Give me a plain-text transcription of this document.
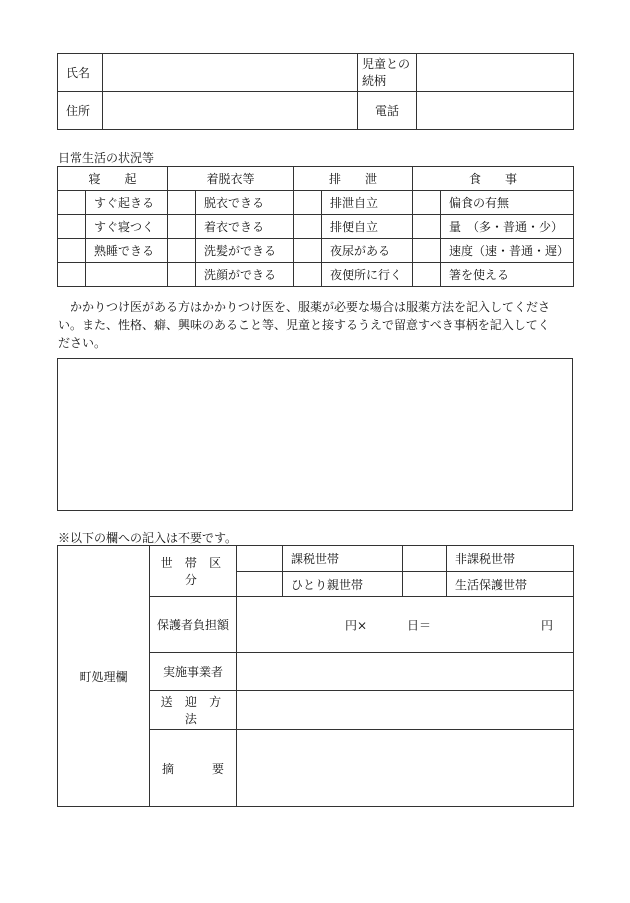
氏名		児童との
続柄	
住所		電話	
日常生活の状況等
寝　　起		着脱衣等		排　　泄		食　　事	
	すぐ起きる		脱衣できる		排泄自立		偏食の有無
	すぐ寝つく		着衣できる		排便自立		量　（多・普通・少）
	熟睡できる		洗髪ができる		夜尿がある		速度（速・普通・遅）
			洗顔ができる		夜便所に行く		箸を使える
　かかりつけ医がある方はかかりつけ医を、服薬が必要な場合は服薬方法を記入してくださ
い。また、性格、癖、興味のあること等、児童と接するうえで留意すべき事柄を記入してく
ださい。
※以下の欄への記入は不要です。
町処理欄	世 帯 区 分		課税世帯		非課税世帯
			ひとり親世帯		生活保護世帯
	保護者負担額	円× 日＝ 円			

	実施事業者				
	送 迎 方 法				

	摘 要				
